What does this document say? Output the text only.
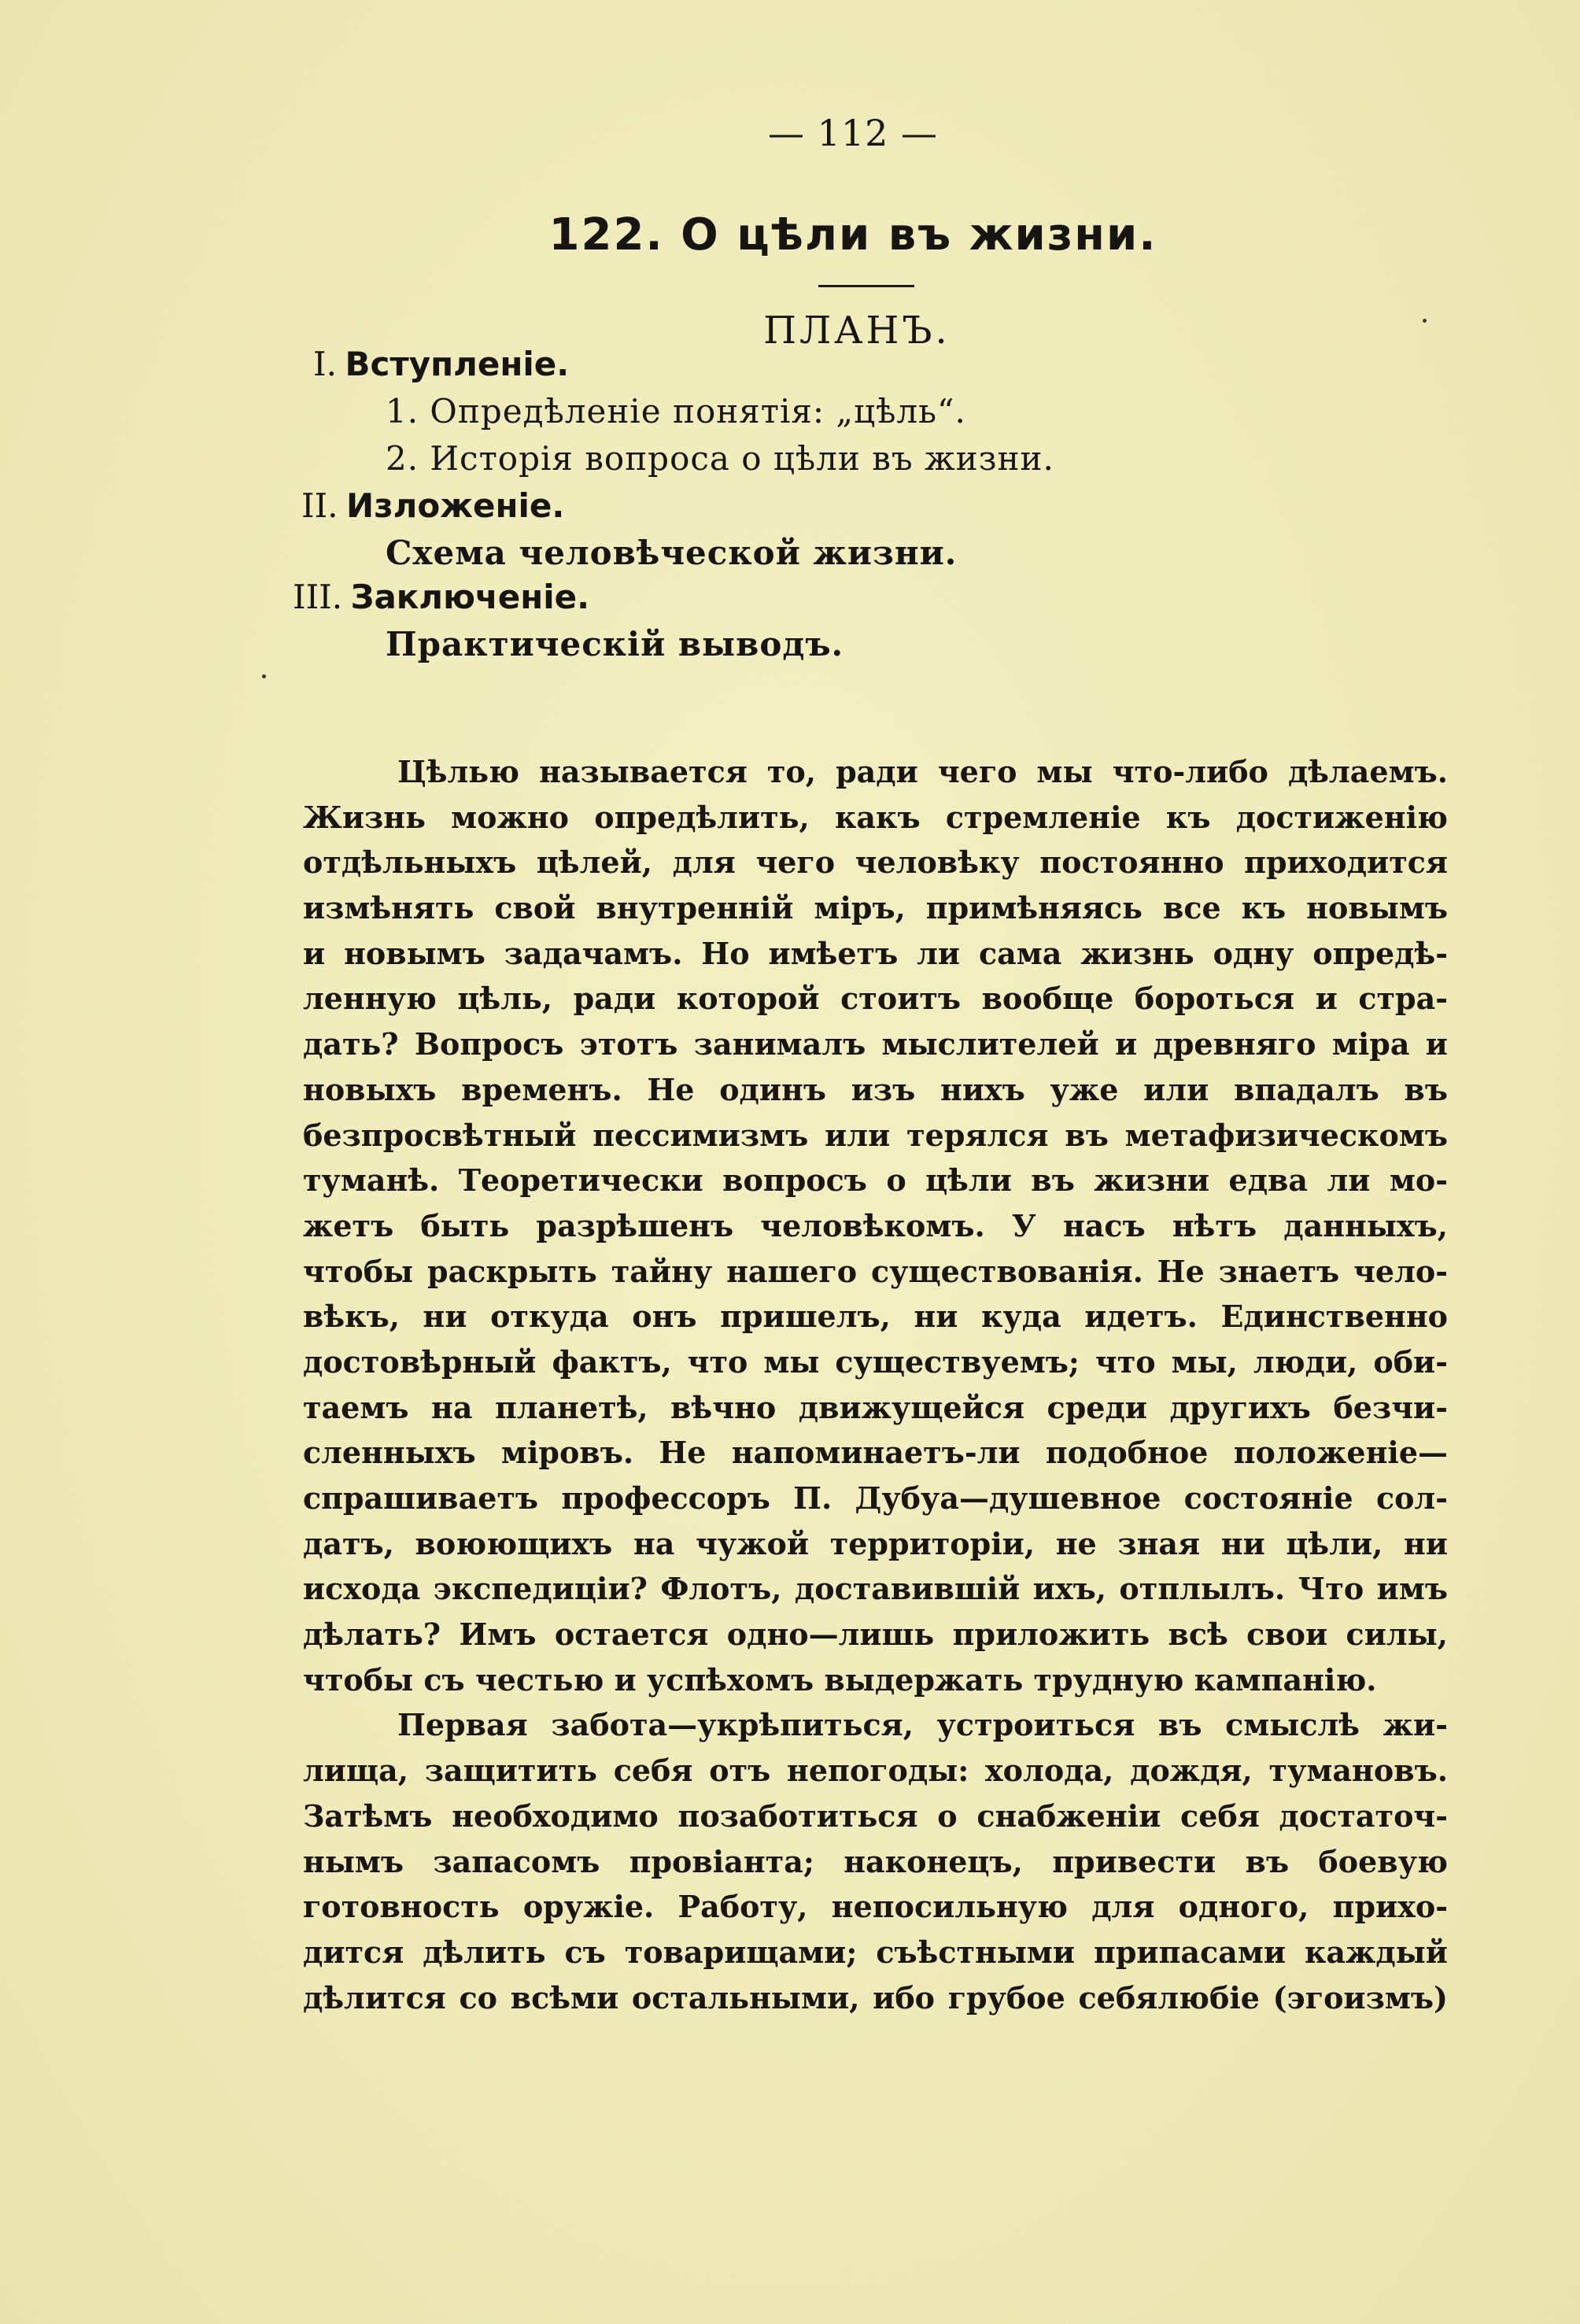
— 112 —
122. О цѣли въ жизни.
ПЛАНЪ.
I. Вступленіе.
1. Опредѣленіе понятія: „цѣль“.
2. Исторія вопроса о цѣли въ жизни.
II. Изложеніе.
Схема человѣческой жизни.
III. Заключеніе.
Практическій выводъ.
Цѣлью называется то, ради чего мы что-либо дѣлаемъ.
Жизнь можно опредѣлить, какъ стремленіе къ достиженію
отдѣльныхъ цѣлей, для чего человѣку постоянно приходится
измѣнять свой внутренній міръ, примѣняясь все къ новымъ
и новымъ задачамъ. Но имѣетъ ли сама жизнь одну опредѣ-
ленную цѣль, ради которой стоитъ вообще бороться и стра-
дать? Вопросъ этотъ занималъ мыслителей и древняго міра и
новыхъ временъ. Не одинъ изъ нихъ уже или впадалъ въ
безпросвѣтный пессимизмъ или терялся въ метафизическомъ
туманѣ. Теоретически вопросъ о цѣли въ жизни едва ли мо-
жетъ быть разрѣшенъ человѣкомъ. У насъ нѣтъ данныхъ,
чтобы раскрыть тайну нашего существованія. Не знаетъ чело-
вѣкъ, ни откуда онъ пришелъ, ни куда идетъ. Единственно
достовѣрный фактъ, что мы существуемъ; что мы, люди, оби-
таемъ на планетѣ, вѣчно движущейся среди другихъ безчи-
сленныхъ міровъ. Не напоминаетъ-ли подобное положеніе—
спрашиваетъ профессоръ П. Дубуа—душевное состояніе сол-
датъ, воюющихъ на чужой территоріи, не зная ни цѣли, ни
исхода экспедиціи? Флотъ, доставившій ихъ, отплылъ. Что имъ
дѣлать? Имъ остается одно—лишь приложить всѣ свои силы,
чтобы съ честью и успѣхомъ выдержать трудную кампанію.
Первая забота—укрѣпиться, устроиться въ смыслѣ жи-
лища, защитить себя отъ непогоды: холода, дождя, тумановъ.
Затѣмъ необходимо позаботиться о снабженіи себя достаточ-
нымъ запасомъ провіанта; наконецъ, привести въ боевую
готовность оружіе. Работу, непосильную для одного, прихо-
дится дѣлить съ товарищами; съѣстными припасами каждый
дѣлится со всѣми остальными, ибо грубое себялюбіе (эгоизмъ)
